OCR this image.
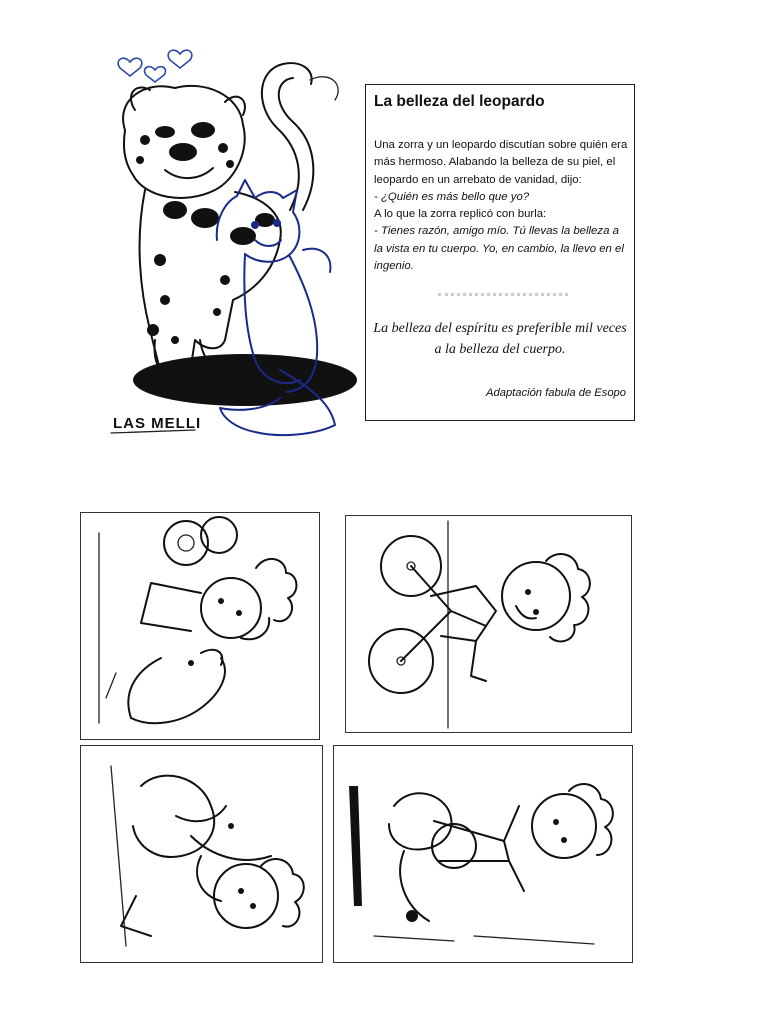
LAS MELLI
La belleza del leopardo
Una zorra y un leopardo discutían sobre quién era
más hermoso. Alabando la belleza de su piel, el
leopardo en un arrebato de vanidad, dijo:
- ¿Quién es más bello que yo?
A lo que la zorra replicó con burla:
- Tienes razón, amigo mío. Tú llevas la belleza a
la vista en tu cuerpo. Yo, en cambio, la llevo en el
ingenio.
La belleza del espíritu es preferible mil veces
a la belleza del cuerpo.
Adaptación fabula de Esopo
